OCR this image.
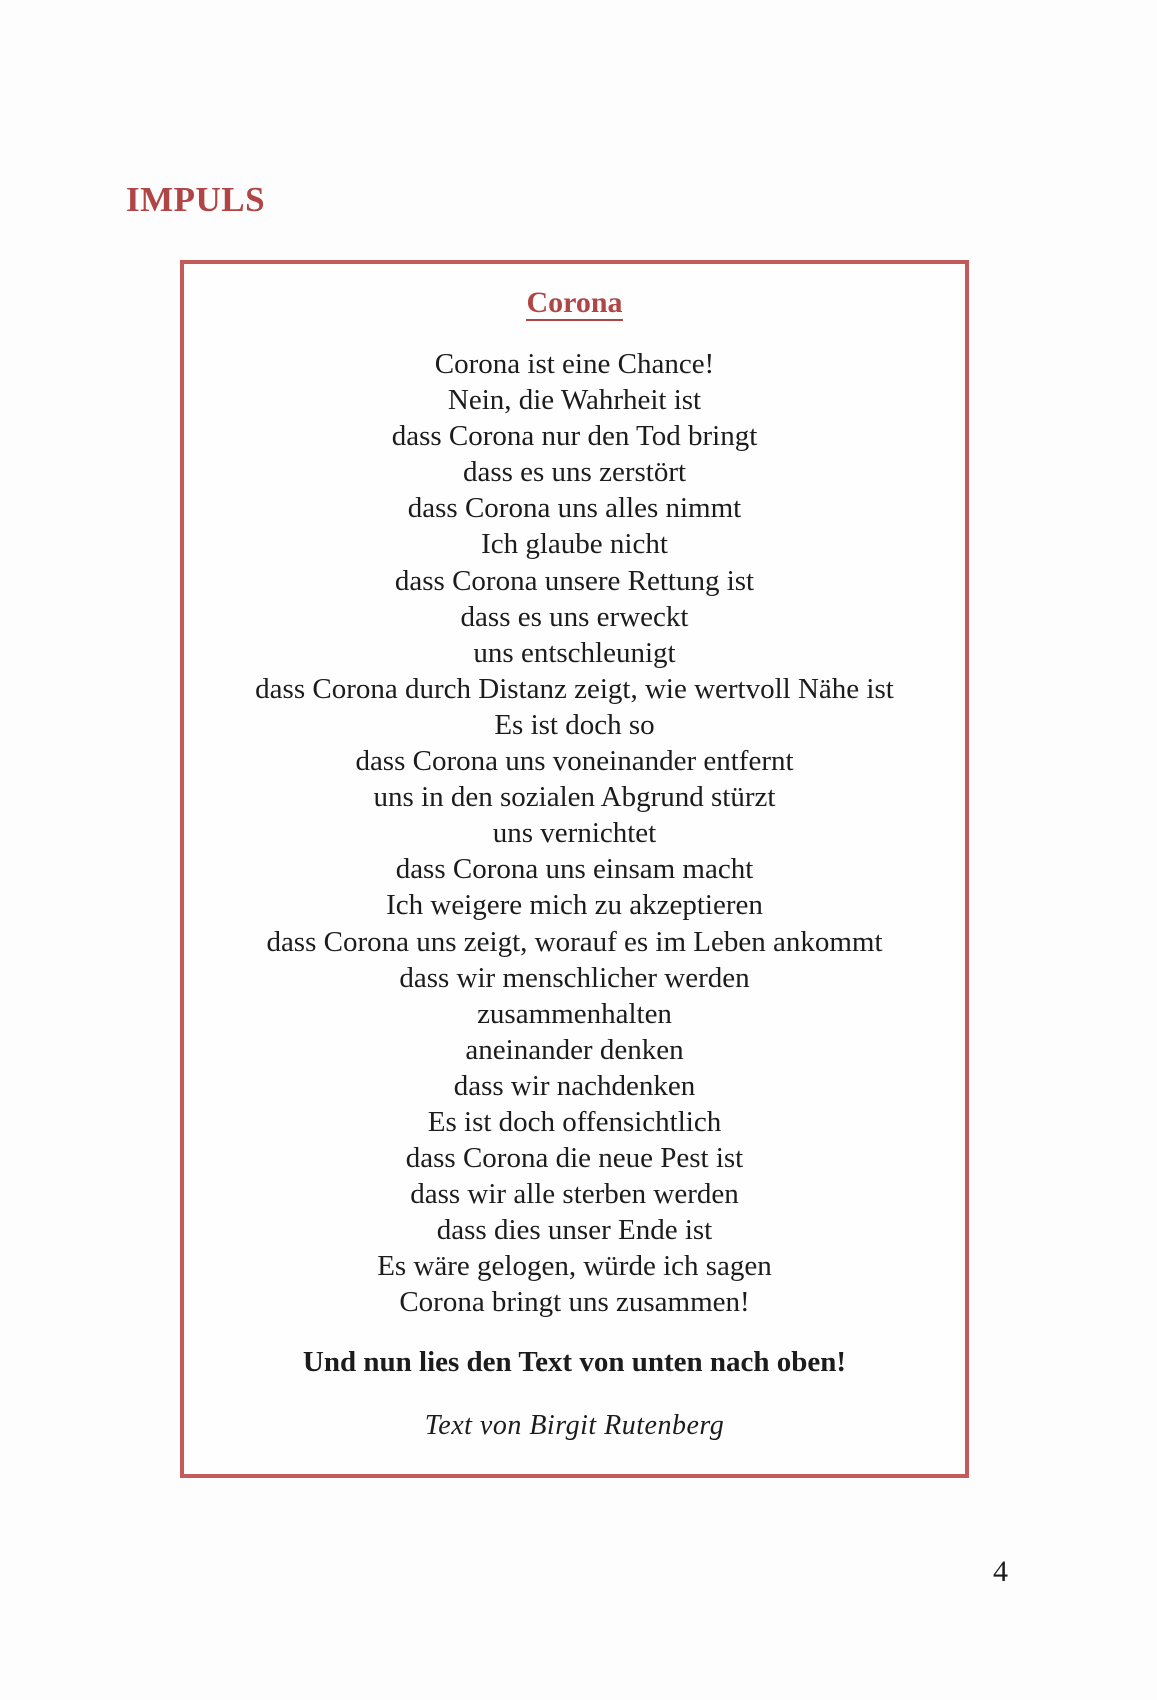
IMPULS
Corona
Corona ist eine Chance!
Nein, die Wahrheit ist
dass Corona nur den Tod bringt
dass es uns zerstört
dass Corona uns alles nimmt
Ich glaube nicht
dass Corona unsere Rettung ist
dass es uns erweckt
uns entschleunigt
dass Corona durch Distanz zeigt, wie wertvoll Nähe ist
Es ist doch so
dass Corona uns voneinander entfernt
uns in den sozialen Abgrund stürzt
uns vernichtet
dass Corona uns einsam macht
Ich weigere mich zu akzeptieren
dass Corona uns zeigt, worauf es im Leben ankommt
dass wir menschlicher werden
zusammenhalten
aneinander denken
dass wir nachdenken
Es ist doch offensichtlich
dass Corona die neue Pest ist
dass wir alle sterben werden
dass dies unser Ende ist
Es wäre gelogen, würde ich sagen
Corona bringt uns zusammen!

Und nun lies den Text von unten nach oben!

Text von Birgit Rutenberg

4
